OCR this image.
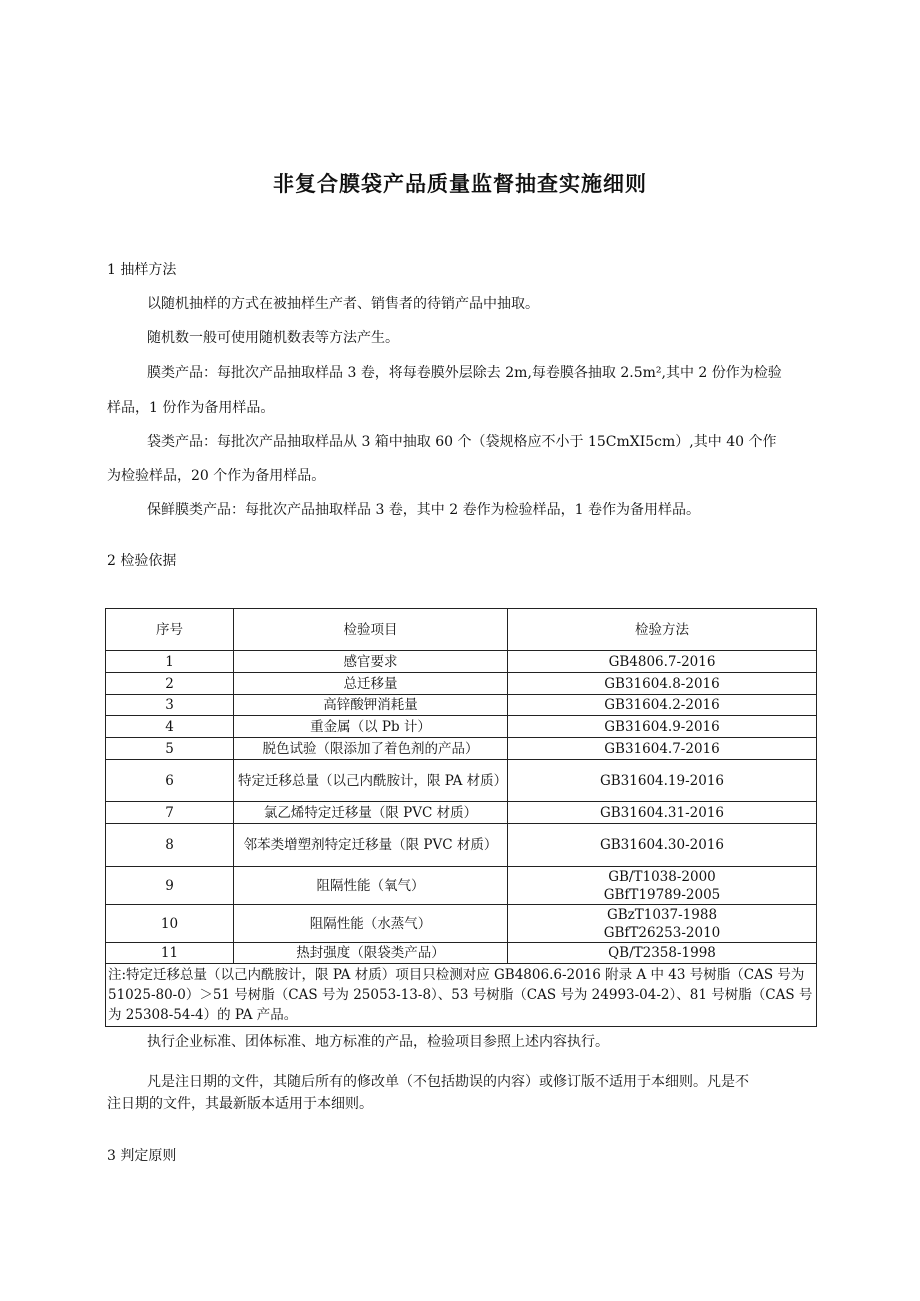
非复合膜袋产品质量监督抽查实施细则
1 抽样方法
以随机抽样的方式在被抽样生产者、销售者的待销产品中抽取。
随机数一般可使用随机数表等方法产生。
膜类产品：每批次产品抽取样品 3 卷，将每卷膜外层除去 2m,每卷膜各抽取 2.5m²,其中 2 份作为检验
样品，1 份作为备用样品。
袋类产品：每批次产品抽取样品从 3 箱中抽取 60 个（袋规格应不小于 15CmXI5cm）,其中 40 个作
为检验样品，20 个作为备用样品。
保鲜膜类产品：每批次产品抽取样品 3 卷，其中 2 卷作为检验样品，1 卷作为备用样品。
2 检验依据
序号	检验项目	检验方法
1	感官要求	GB4806.7-2016
2	总迁移量	GB31604.8-2016
3	高锌酸钾消耗量	GB31604.2-2016
4	重金属（以 Pb 计）	GB31604.9-2016
5	脱色试验（限添加了着色剂的产品）	GB31604.7-2016
6	特定迁移总量（以己内酰胺计，限 PA 材质）	GB31604.19-2016
7	氯乙烯特定迁移量（限 PVC 材质）	GB31604.31-2016
8	邻苯类增塑剂特定迁移量（限 PVC 材质）	GB31604.30-2016
9	阻隔性能（氧气）	GB/T1038-2000
GBfT19789-2005

10	阻隔性能（水蒸气）	GBzT1037-1988
GBfT26253-2010

11	热封强度（限袋类产品）	QB/T2358-1998
注:特定迁移总量（以己内酰胺计，限 PA 材质）项目只检测对应 GB4806.6-2016 附录 A 中 43 号树脂（CAS 号为 51025-80-0）＞51 号树脂（CAS 号为 25053-13-8）、53 号树脂（CAS 号为 24993-04-2）、81 号树脂（CAS 号为 25308-54-4）的 PA 产品。		
执行企业标准、团体标准、地方标准的产品，检验项目参照上述内容执行。
凡是注日期的文件，其随后所有的修改单（不包括勘误的内容）或修订版不适用于本细则。凡是不
注日期的文件，其最新版本适用于本细则。
3 判定原则
